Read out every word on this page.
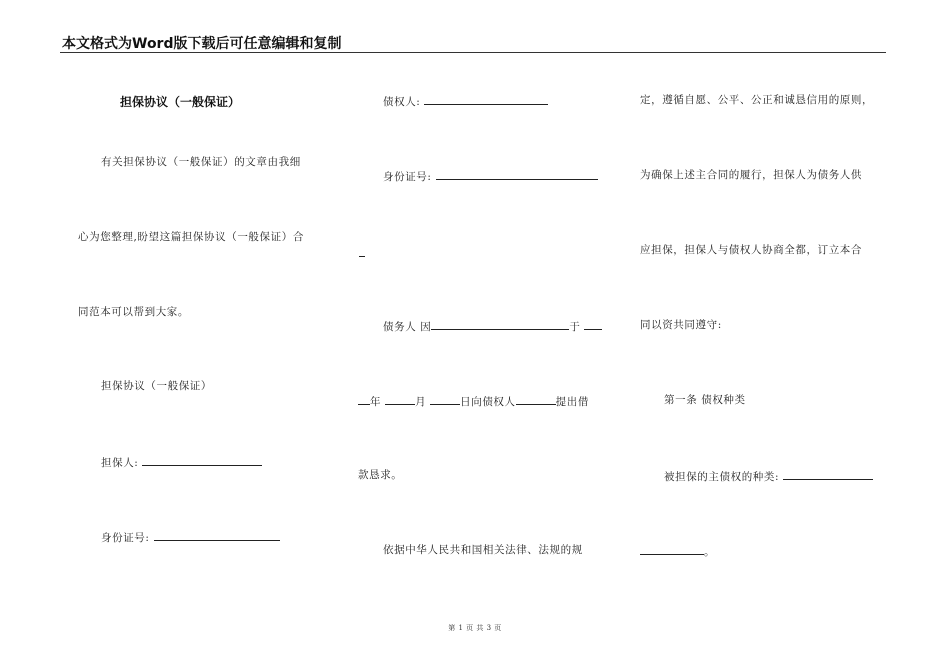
本文格式为Word版下载后可任意编辑和复制
担保协议（一般保证）
有关担保协议（一般保证）的文章由我细
心为您整理,盼望这篇担保协议（一般保证）合
同范本可以帮到大家。
担保协议（一般保证）
担保人:
身份证号:
债权人:
身份证号:
债务人 因	于
年	月	日向债权人	提出借
款恳求。
依据中华人民共和国相关法律、法规的规
定，遵循自愿、公平、公正和诚恳信用的原则，
为确保上述主合同的履行，担保人为债务人供
应担保，担保人与债权人协商全都，订立本合
同以资共同遵守:
第一条 债权种类
被担保的主债权的种类:
。
第 1 页 共 3 页
